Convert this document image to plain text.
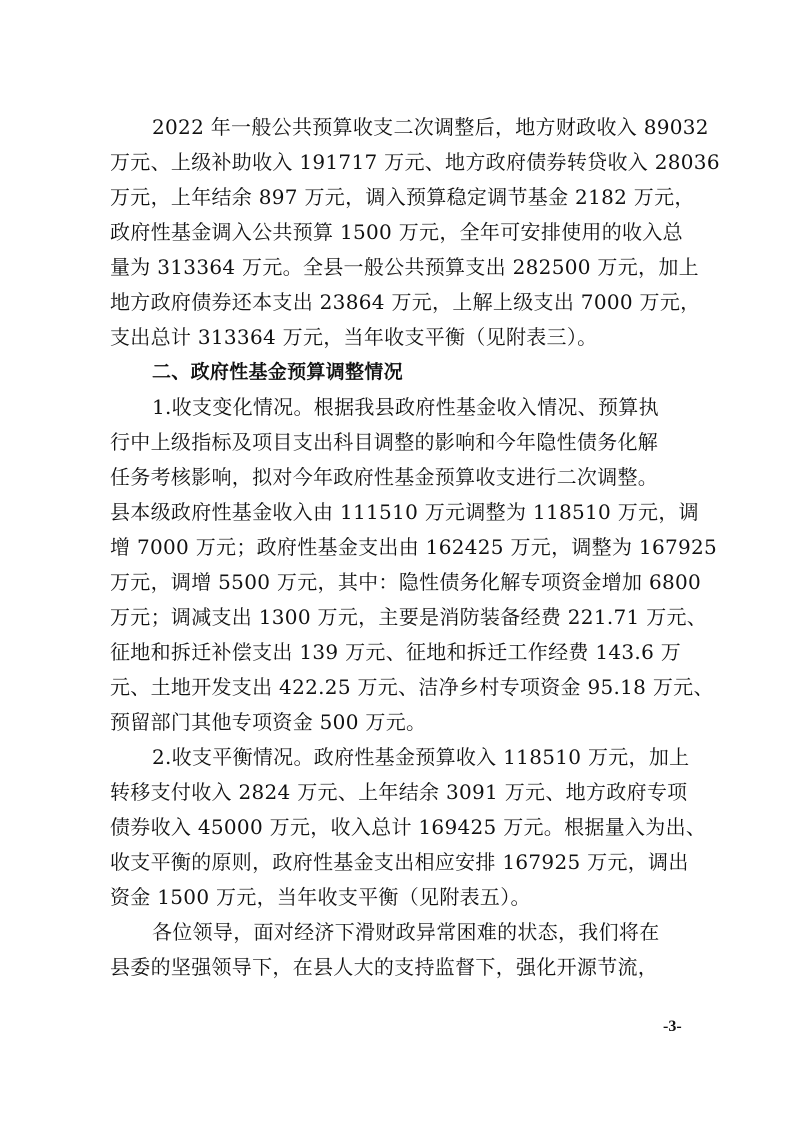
2022 年一般公共预算收支二次调整后，地方财政收入 89032
万元、上级补助收入 191717 万元、地方政府债券转贷收入 28036
万元，上年结余 897 万元，调入预算稳定调节基金 2182 万元，
政府性基金调入公共预算 1500 万元，全年可安排使用的收入总
量为 313364 万元。全县一般公共预算支出 282500 万元，加上
地方政府债券还本支出 23864 万元，上解上级支出 7000 万元，
支出总计 313364 万元，当年收支平衡（见附表三）。
二、政府性基金预算调整情况
1.收支变化情况。根据我县政府性基金收入情况、预算执
行中上级指标及项目支出科目调整的影响和今年隐性债务化解
任务考核影响，拟对今年政府性基金预算收支进行二次调整。
县本级政府性基金收入由 111510 万元调整为 118510 万元，调
增 7000 万元；政府性基金支出由 162425 万元，调整为 167925
万元，调增 5500 万元，其中：隐性债务化解专项资金增加 6800
万元；调减支出 1300 万元，主要是消防装备经费 221.71 万元、
征地和拆迁补偿支出 139 万元、征地和拆迁工作经费 143.6 万
元、土地开发支出 422.25 万元、洁净乡村专项资金 95.18 万元、
预留部门其他专项资金 500 万元。
2.收支平衡情况。政府性基金预算收入 118510 万元，加上
转移支付收入 2824 万元、上年结余 3091 万元、地方政府专项
债券收入 45000 万元，收入总计 169425 万元。根据量入为出、
收支平衡的原则，政府性基金支出相应安排 167925 万元，调出
资金 1500 万元，当年收支平衡（见附表五）。
各位领导，面对经济下滑财政异常困难的状态，我们将在
县委的坚强领导下，在县人大的支持监督下，强化开源节流，
-3-
